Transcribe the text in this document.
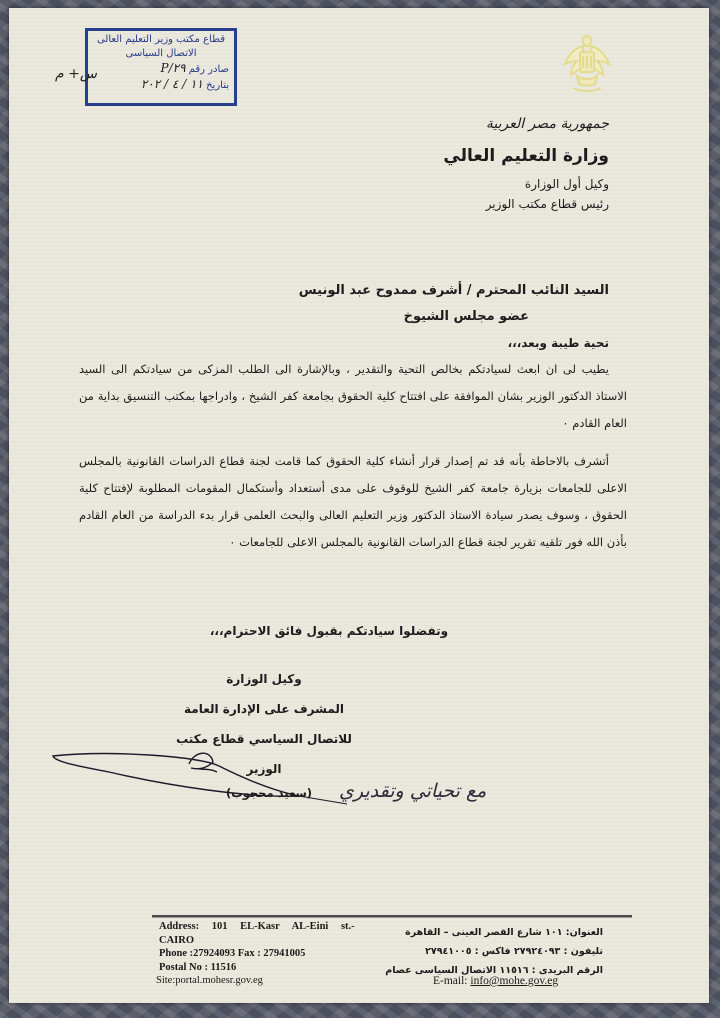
قطاع مكتب وزير التعليم العالى
الاتصال السياسى
صادر رقم ٢٩/P
بتاريخ ١١ / ٤ / ٢٠٢
س+ م
جمهورية مصر العربية
وزارة التعليم العالي
وكيل أول الوزارة
رئيس قطاع مكتب الوزير
السيد النائب المحترم / أشرف ممدوح عبد الونيس
عضو مجلس الشيوخ
تحية طيبة وبعد،،،
يطيب لى ان ابعث لسيادتكم بخالص التحية والتقدير ، وبالإشارة الى الطلب المزكى من سيادتكم الى السيد الاستاذ الدكتور الوزير بشان الموافقة على افتتاح كلية الحقوق بجامعة كفر الشيخ ، وادراجها بمكتب التنسيق بداية من العام القادم ٠
أتشرف بالاحاطة بأنه قد تم إصدار قرار أنشاء كلية الحقوق كما قامت لجنة قطاع الدراسات القانونية بالمجلس الاعلى للجامعات بزيارة جامعة كفر الشيخ للوقوف على مدى أستعداد وأستكمال المقومات المطلوبة لإفتتاح كلية الحقوق ، وسوف يصدر سيادة الاستاذ الدكتور وزير التعليم العالى والبحث العلمى قرار بدء الدراسة من العام القادم بأذن الله فور تلقيه تقرير لجنة قطاع الدراسات القانونية بالمجلس الاعلى للجامعات ٠
وتفضلوا سيادتكم بقبول فائق الاحترام،،،
وكيل الوزارة
المشرف على الإدارة العامة
للاتصال السياسي قطاع مكتب الوزير
(سعيد محجوب)	مع تحياتي وتقديري
Address: 101 EL-Kasr AL-Eini st.-
CAIRO
Phone :27924093 Fax : 27941005
Postal No : 11516
Site:portal.mohesr.gov.eg
العنوان: ١٠١ شارع القصر العينى – القاهرة
تليفون : ٢٧٩٢٤٠٩٣ فاكس : ٢٧٩٤١٠٠٥
الرقم البريدى : ١١٥١٦ الاتصال السياسى عصام
E-mail: info@mohe.gov.eg
